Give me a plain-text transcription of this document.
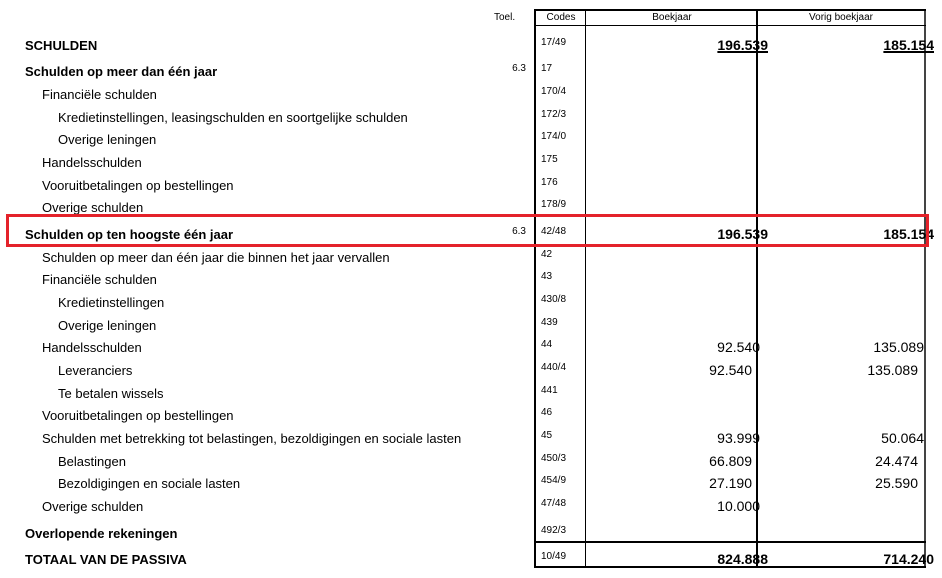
Toel.	Codes	Boekjaar	Vorig boekjaar
SCHULDEN	17/49	196.539	185.154
Schulden op meer dan één jaar	6.3 17
Financiële schulden	170/4
Kredietinstellingen, leasingschulden en soortgelijke schulden	172/3
Overige leningen	174/0
Handelsschulden	175
Vooruitbetalingen op bestellingen	176
Overige schulden	178/9
Schulden op ten hoogste één jaar	6.3 42/48	196.539	185.154
Schulden op meer dan één jaar die binnen het jaar vervallen	42
Financiële schulden	43
Kredietinstellingen	430/8
Overige leningen	439
Handelsschulden	44	92.540	135.089
Leveranciers	440/4	92.540	135.089
Te betalen wissels	441
Vooruitbetalingen op bestellingen	46
Schulden met betrekking tot belastingen, bezoldigingen en sociale lasten	45	93.999	50.064
Belastingen	450/3	66.809	24.474
Bezoldigingen en sociale lasten	454/9	27.190	25.590
Overige schulden	47/48	10.000
Overlopende rekeningen	492/3
TOTAAL VAN DE PASSIVA	10/49	824.888	714.240
